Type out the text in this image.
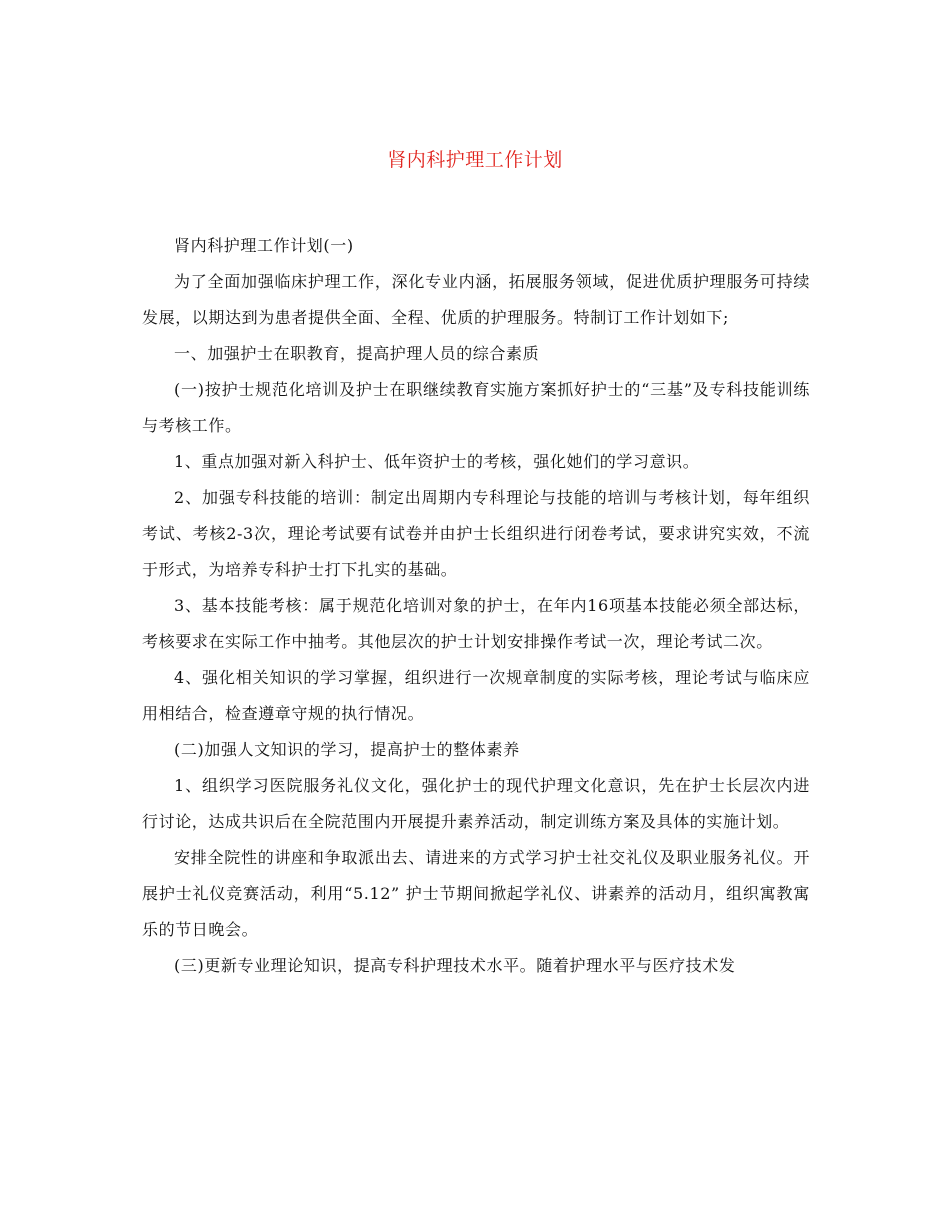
肾内科护理工作计划

肾内科护理工作计划(一)

为了全面加强临床护理工作，深化专业内涵，拓展服务领域，促进优质护理服务可持续发展，以期达到为患者提供全面、全程、优质的护理服务。特制订工作计划如下;

一、加强护士在职教育，提高护理人员的综合素质

(一)按护士规范化培训及护士在职继续教育实施方案抓好护士的“三基”及专科技能训练与考核工作。

1、重点加强对新入科护士、低年资护士的考核，强化她们的学习意识。

2、加强专科技能的培训：制定出周期内专科理论与技能的培训与考核计划，每年组织考试、考核2-3次，理论考试要有试卷并由护士长组织进行闭卷考试，要求讲究实效，不流于形式，为培养专科护士打下扎实的基础。

3、基本技能考核：属于规范化培训对象的护士，在年内16项基本技能必须全部达标，考核要求在实际工作中抽考。其他层次的护士计划安排操作考试一次，理论考试二次。

4、强化相关知识的学习掌握，组织进行一次规章制度的实际考核，理论考试与临床应用相结合，检查遵章守规的执行情况。

(二)加强人文知识的学习，提高护士的整体素养

1、组织学习医院服务礼仪文化，强化护士的现代护理文化意识，先在护士长层次内进行讨论，达成共识后在全院范围内开展提升素养活动，制定训练方案及具体的实施计划。

安排全院性的讲座和争取派出去、请进来的方式学习护士社交礼仪及职业服务礼仪。开展护士礼仪竞赛活动，利用“5.12” 护士节期间掀起学礼仪、讲素养的活动月，组织寓教寓乐的节日晚会。

(三)更新专业理论知识，提高专科护理技术水平。随着护理水平与医疗技术发
